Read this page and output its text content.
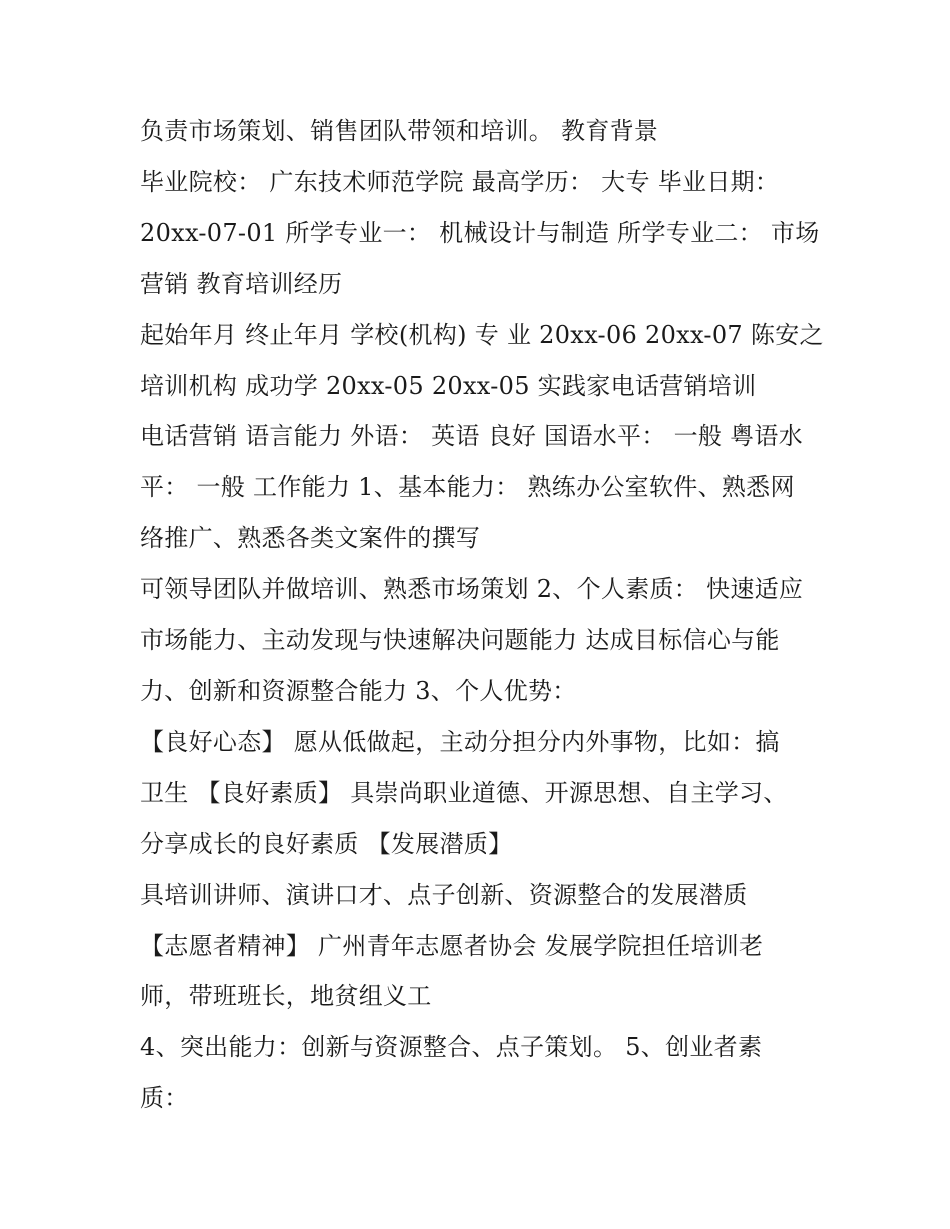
负责市场策划、销售团队带领和培训。 教育背景
毕业院校： 广东技术师范学院 最高学历： 大专 毕业日期：
20xx-07-01 所学专业一： 机械设计与制造 所学专业二： 市场
营销 教育培训经历
起始年月 终止年月 学校(机构) 专 业 20xx-06 20xx-07 陈安之
培训机构 成功学 20xx-05 20xx-05 实践家电话营销培训
电话营销 语言能力 外语： 英语 良好 国语水平： 一般 粤语水
平： 一般 工作能力 1、基本能力： 熟练办公室软件、熟悉网
络推广、熟悉各类文案件的撰写
可领导团队并做培训、熟悉市场策划 2、个人素质： 快速适应
市场能力、主动发现与快速解决问题能力 达成目标信心与能
力、创新和资源整合能力 3、个人优势：
【良好心态】 愿从低做起，主动分担分内外事物，比如：搞
卫生 【良好素质】 具崇尚职业道德、开源思想、自主学习、
分享成长的良好素质 【发展潜质】
具培训讲师、演讲口才、点子创新、资源整合的发展潜质
【志愿者精神】 广州青年志愿者协会 发展学院担任培训老
师，带班班长，地贫组义工
4、突出能力：创新与资源整合、点子策划。 5、创业者素
质：
